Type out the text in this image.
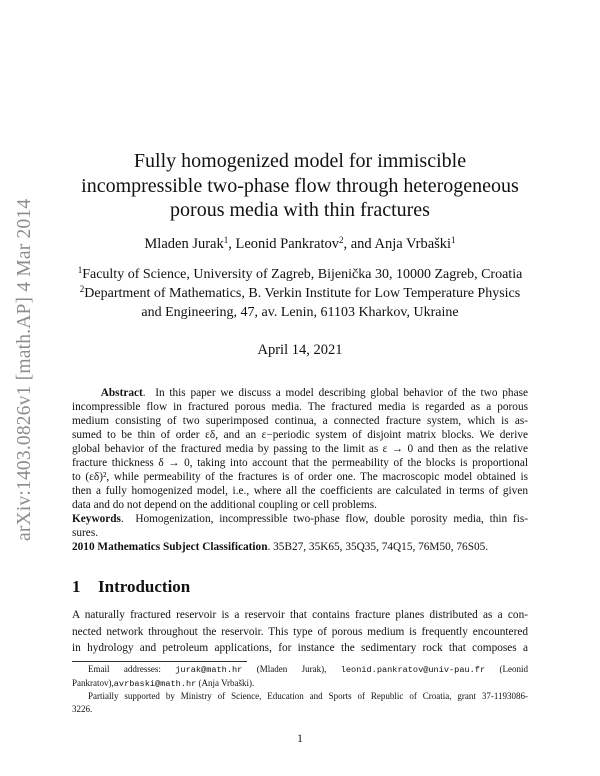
arXiv:1403.0826v1 [math.AP] 4 Mar 2014
Fully homogenized model for immiscible
incompressible two-phase flow through heterogeneous
porous media with thin fractures
Mladen Jurak$^1$, Leonid Pankratov$^2$, and Anja Vrbaški$^1$
$^1$Faculty of Science, University of Zagreb, Bijenička 30, 10000 Zagreb, Croatia
$^2$Department of Mathematics, B. Verkin Institute for Low Temperature Physics
and Engineering, 47, av. Lenin, 61103 Kharkov, Ukraine
April 14, 2021
Abstract.  In this paper we discuss a model describing global behavior of the two phase
incompressible flow in fractured porous media. The fractured media is regarded as a porous
medium consisting of two superimposed continua, a connected fracture system, which is as-
sumed to be thin of order εδ, and an ε−periodic system of disjoint matrix blocks. We derive
global behavior of the fractured media by passing to the limit as ε → 0 and then as the relative
fracture thickness δ → 0, taking into account that the permeability of the blocks is proportional
to (εδ)², while permeability of the fractures is of order one. The macroscopic model obtained is
then a fully homogenized model, i.e., where all the coefficients are calculated in terms of given
data and do not depend on the additional coupling or cell problems.
Keywords.  Homogenization, incompressible two-phase flow, double porosity media, thin fis-
sures.
2010 Mathematics Subject Classification. 35B27, 35K65, 35Q35, 74Q15, 76M50, 76S05.
1 Introduction
A naturally fractured reservoir is a reservoir that contains fracture planes distributed as a con-
nected network throughout the reservoir. This type of porous medium is frequently encountered
in hydrology and petroleum applications, for instance the sedimentary rock that composes a
Email addresses: jurak@math.hr (Mladen Jurak), leonid.pankratov@univ-pau.fr (Leonid
Pankratov),avrbaski@math.hr (Anja Vrbaški).
Partially supported by Ministry of Science, Education and Sports of Republic of Croatia, grant 37-1193086-
3226.
1
